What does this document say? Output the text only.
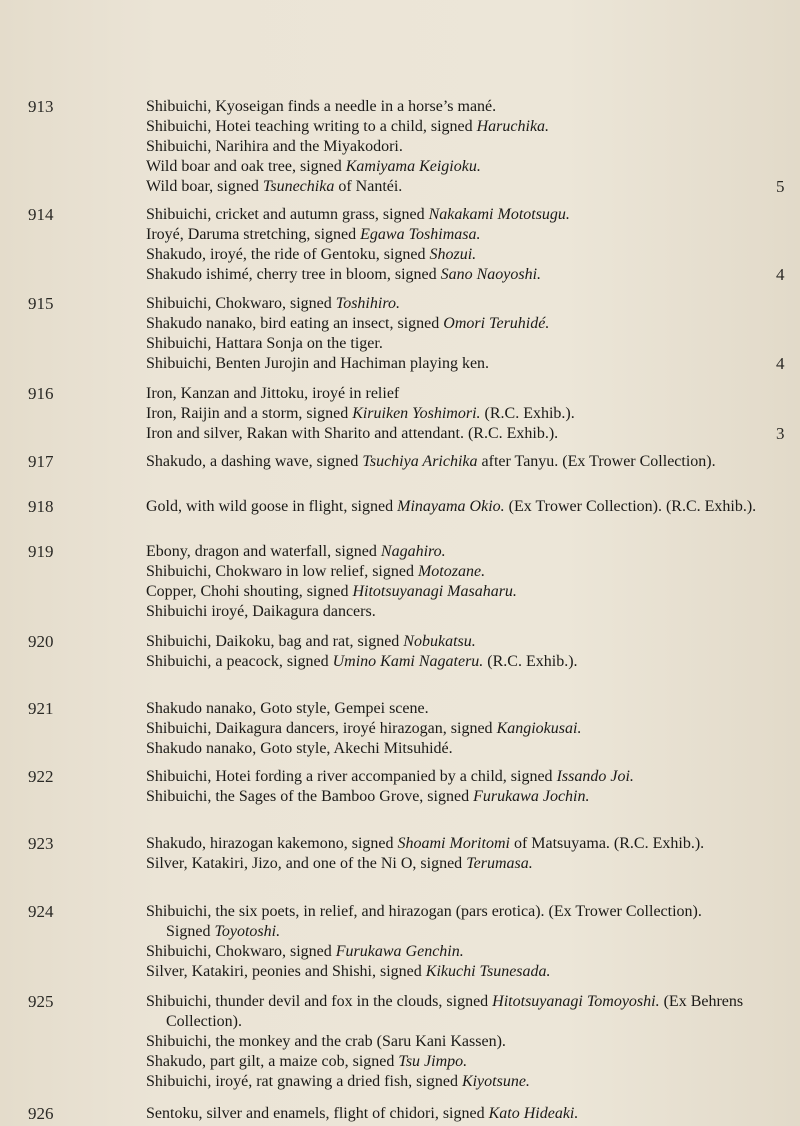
913	Shibuichi, Kyoseigan finds a needle in a horse’s mané.
Shibuichi, Hotei teaching writing to a child, signed Haruchika.
Shibuichi, Narihira and the Miyakodori.
Wild boar and oak tree, signed Kamiyama Keigioku.
Wild boar, signed Tsunechika of Nantéi.	5
914	Shibuichi, cricket and autumn grass, signed Nakakami Mototsugu.
Iroyé, Daruma stretching, signed Egawa Toshimasa.
Shakudo, iroyé, the ride of Gentoku, signed Shozui.
Shakudo ishimé, cherry tree in bloom, signed Sano Naoyoshi.	4
915	Shibuichi, Chokwaro, signed Toshihiro.
Shakudo nanako, bird eating an insect, signed Omori Teruhidé.
Shibuichi, Hattara Sonja on the tiger.
Shibuichi, Benten Jurojin and Hachiman playing ken.	4
916	Iron, Kanzan and Jittoku, iroyé in relief
Iron, Raijin and a storm, signed Kiruiken Yoshimori. (R.C. Exhib.).
Iron and silver, Rakan with Sharito and attendant. (R.C. Exhib.).	3
917	Shakudo, a dashing wave, signed Tsuchiya Arichika after Tanyu. (Ex Trower Collection).
918	Gold, with wild goose in flight, signed Minayama Okio. (Ex Trower Collection). (R.C. Exhib.).
919	Ebony, dragon and waterfall, signed Nagahiro.
Shibuichi, Chokwaro in low relief, signed Motozane.
Copper, Chohi shouting, signed Hitotsuyanagi Masaharu.
Shibuichi iroyé, Daikagura dancers.
920	Shibuichi, Daikoku, bag and rat, signed Nobukatsu.
Shibuichi, a peacock, signed Umino Kami Nagateru. (R.C. Exhib.).
921	Shakudo nanako, Goto style, Gempei scene.
Shibuichi, Daikagura dancers, iroyé hirazogan, signed Kangiokusai.
Shakudo nanako, Goto style, Akechi Mitsuhidé.
922	Shibuichi, Hotei fording a river accompanied by a child, signed Issando Joi.
Shibuichi, the Sages of the Bamboo Grove, signed Furukawa Jochin.
923	Shakudo, hirazogan kakemono, signed Shoami Moritomi of Matsuyama. (R.C. Exhib.).
Silver, Katakiri, Jizo, and one of the Ni O, signed Terumasa.
924	Shibuichi, the six poets, in relief, and hirazogan (pars erotica). (Ex Trower Collection).
Signed Toyotoshi.
Shibuichi, Chokwaro, signed Furukawa Genchin.
Silver, Katakiri, peonies and Shishi, signed Kikuchi Tsunesada.
925	Shibuichi, thunder devil and fox in the clouds, signed Hitotsuyanagi Tomoyoshi. (Ex Behrens
Collection).
Shibuichi, the monkey and the crab (Saru Kani Kassen).
Shakudo, part gilt, a maize cob, signed Tsu Jimpo.
Shibuichi, iroyé, rat gnawing a dried fish, signed Kiyotsune.
926	Sentoku, silver and enamels, flight of chidori, signed Kato Hideaki.
